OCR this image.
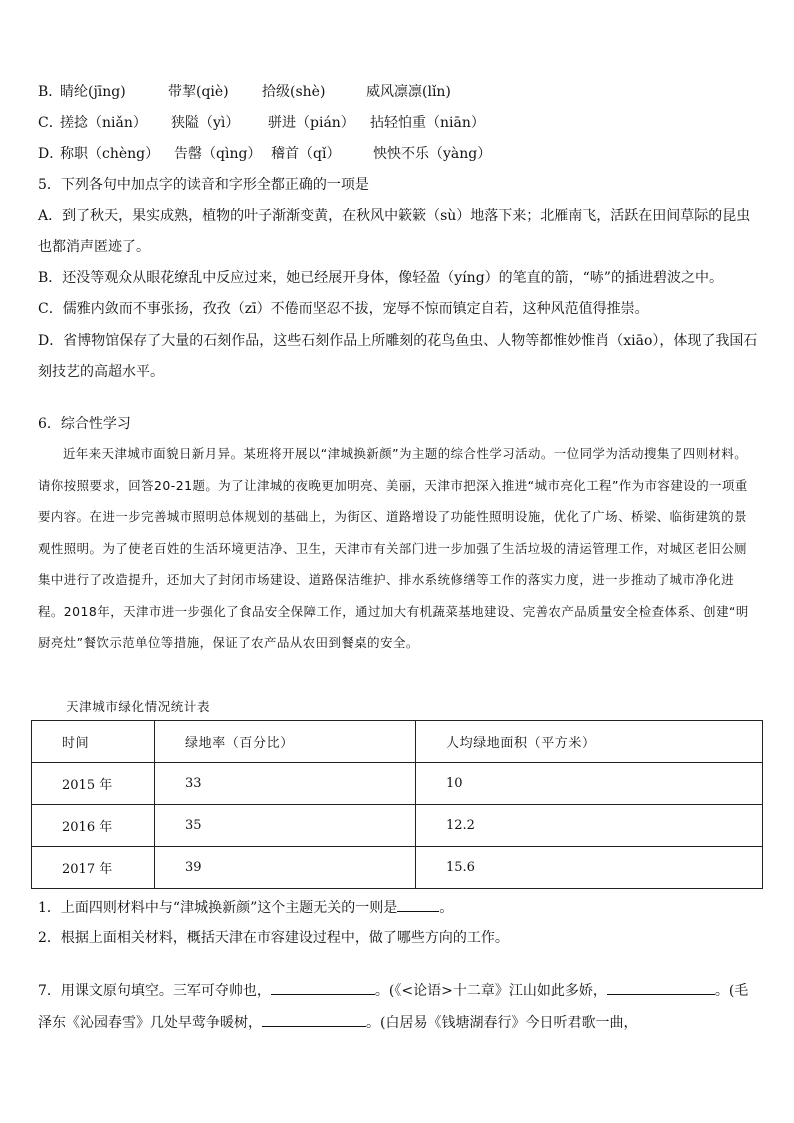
B．
睛纶(jīng)	带挈(qiè) 拾级(shè)	威风凛凛(lǐn)
C．
搓捻（niǎn） 狭隘（yì） 骈进（pián） 拈轻怕重（niān）
D．
称职（chèng） 告罄（qìng） 稽首（qǐ） 怏怏不乐（yàng）
5．下列各句中加点字的读音和字形全都正确的一项是
A．到了秋天，果实成熟，植物的叶子渐渐变黄，在秋风中簌簌（sù）地落下来；北雁南飞，活跃在田间草际的昆虫
也都消声匿迹了。
B．还没等观众从眼花缭乱中反应过来，她已经展开身体，像轻盈（yíng）的笔直的箭，“哧”的插进碧波之中。
C．儒雅内敛而不事张扬，孜孜（zī）不倦而坚忍不拔，宠辱不惊而镇定自若，这种风范值得推崇。
D．省博物馆保存了大量的石刻作品，这些石刻作品上所雕刻的花鸟鱼虫、人物等都惟妙惟肖（xiāo），体现了我国石
刻技艺的高超水平。
6．综合性学习
近年来天津城市面貌日新月异。某班将开展以“津城换新颜”为主题的综合性学习活动。一位同学为活动搜集了四则材料。请你按照要求，回答20-21题。为了让津城的夜晚更加明亮、美丽，天津市把深入推进“城市亮化工程”作为市容建设的一项重要内容。在进一步完善城市照明总体规划的基础上，为街区、道路增设了功能性照明设施，优化了广场、桥梁、临街建筑的景观性照明。为了使老百姓的生活环境更洁净、卫生，天津市有关部门进一步加强了生活垃圾的清运管理工作，对城区老旧公厕集中进行了改造提升，还加大了封闭市场建设、道路保洁维护、排水系统修缮等工作的落实力度，进一步推动了城市净化进程。2018年，天津市进一步强化了食品安全保障工作，通过加大有机蔬菜基地建设、完善农产品质量安全检查体系、创建“明厨亮灶”餐饮示范单位等措施，保证了农产品从农田到餐桌的安全。
天津城市绿化情况统计表
时间	绿地率（百分比）	人均绿地面积（平方米）
2015 年	33	10
2016 年	35	12.2
2017 年	39	15.6
1．上面四则材料中与“津城换新颜”这个主题无关的一则是	。
2．根据上面相关材料，概括天津在市容建设过程中，做了哪些方向的工作。
7．用课文原句填空。三军可夺帅也，	。(《<论语>十二章》江山如此多娇，	。(毛
泽东《沁园春雪》几处早莺争暖树，	。(白居易《钱塘湖春行》今日听君歌一曲，
